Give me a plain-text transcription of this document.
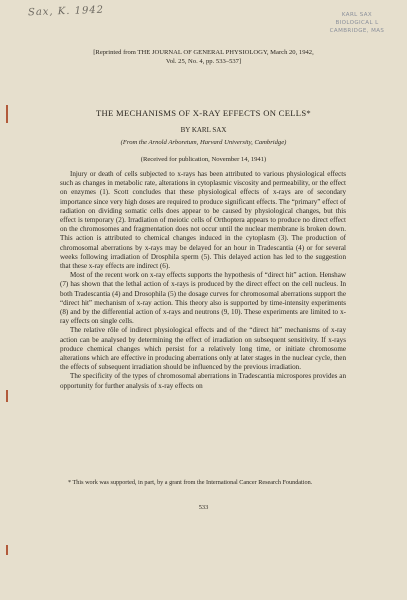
Sax, K. 1942	KARL SAX
BIOLOGICAL L
CAMBRIDGE, MAS
[Reprinted from THE JOURNAL OF GENERAL PHYSIOLOGY, March 20, 1942,
Vol. 25, No. 4, pp. 533–537]
THE MECHANISMS OF X-RAY EFFECTS ON CELLS*
BY KARL SAX
(From the Arnold Arboretum, Harvard University, Cambridge)
(Received for publication, November 14, 1941)

Injury or death of cells subjected to x-rays has been attributed to various physiological effects such as changes in metabolic rate, alterations in cytoplasmic viscosity and permeability, or the effect on enzymes (1). Scott concludes that these physiological effects of x-rays are of secondary importance since very high doses are required to produce significant effects. The “primary” effect of radiation on dividing somatic cells does appear to be caused by physiological changes, but this effect is temporary (2). Irradiation of meiotic cells of Orthoptera appears to produce no direct effect on the chromosomes and fragmentation does not occur until the nuclear membrane is broken down. This action is attributed to chemical changes induced in the cytoplasm (3). The production of chromosomal aberrations by x-rays may be delayed for an hour in Tradescantia (4) or for several weeks following irradiation of Drosphila sperm (5). This delayed action has led to the suggestion that these x-ray effects are indirect (6).

Most of the recent work on x-ray effects supports the hypothesis of “direct hit” action. Henshaw (7) has shown that the lethal action of x-rays is produced by the direct effect on the cell nucleus. In both Tradescantia (4) and Drosophila (5) the dosage curves for chromosomal aberrations support the “direct hit” mechanism of x-ray action. This theory also is supported by time-intensity experiments (8) and by the differential action of x-rays and neutrons (9, 10). These experiments are limited to x-ray effects on single cells.

The relative rôle of indirect physiological effects and of the “direct hit” mechanisms of x-ray action can be analysed by determining the effect of irradiation on subsequent sensitivity. If x-rays produce chemical changes which persist for a relatively long time, or initiate chromosome alterations which are effective in producing aberrations only at later stages in the nuclear cycle, then the effects of subsequent irradiation should be influenced by the previous irradiation.

The specificity of the types of chromosomal aberrations in Tradescantia microspores provides an opportunity for further analysis of x-ray effects on

* This work was supported, in part, by a grant from the International Cancer Research Foundation.

533
